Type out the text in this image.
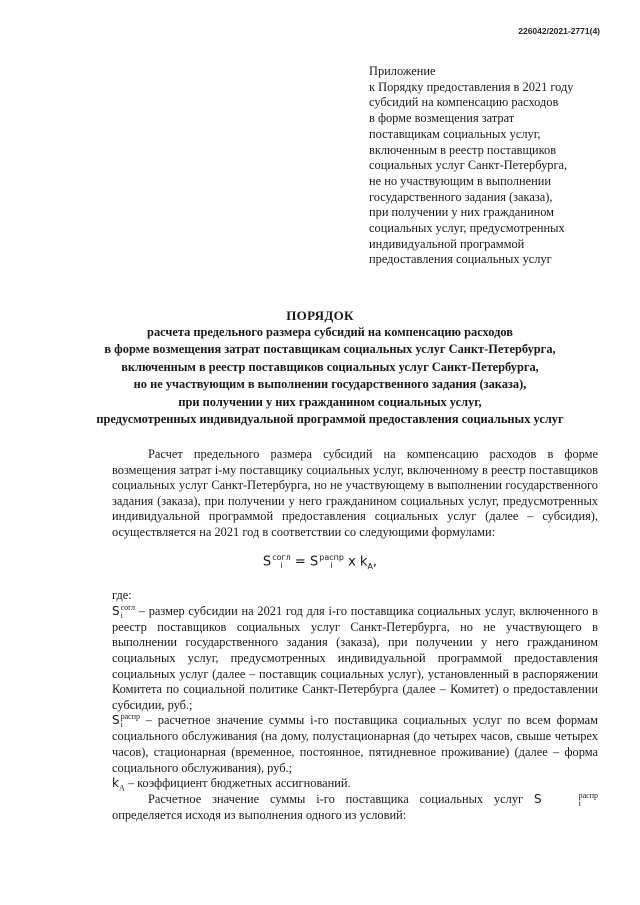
226042/2021-2771(4)
Приложение
к Порядку предоставления в 2021 году
субсидий на компенсацию расходов
в форме возмещения затрат
поставщикам социальных услуг,
включенным в реестр поставщиков
социальных услуг Санкт-Петербурга,
не но участвующим в выполнении
государственного задания (заказа),
при получении у них гражданином
социальных услуг, предусмотренных
индивидуальной программой
предоставления социальных услуг
ПОРЯДОК
расчета предельного размера субсидий на компенсацию расходов
в форме возмещения затрат поставщикам социальных услуг Санкт-Петербурга,
включенным в реестр поставщиков социальных услуг Санкт-Петербурга,
но не участвующим в выполнении государственного задания (заказа),
при получении у них гражданином социальных услуг,
предусмотренных индивидуальной программой предоставления социальных услуг

Расчет предельного размера субсидий на компенсацию расходов в форме возмещения затрат i-му поставщику социальных услуг, включенному в реестр поставщиков социальных услуг Санкт-Петербурга, но не участвующему в выполнении государственного задания (заказа), при получении у него гражданином социальных услуг, предусмотренных индивидуальной программой предоставления социальных услуг (далее – субсидия), осуществляется на 2021 год в соответствии со следующими формулами:

S согл
i = S распр
i	x $k_A$,

где:

S согл
i – размер субсидии на 2021 год для i-го поставщика социальных услуг, включенного в реестр поставщиков социальных услуг Санкт-Петербурга, но не участвующего в выполнении государственного задания (заказа), при получении у него гражданином социальных услуг, предусмотренных индивидуальной программой предоставления социальных услуг (далее – поставщик социальных услуг), установленный в распоряжении Комитета по социальной политике Санкт-Петербурга (далее – Комитет) о предоставлении субсидии, руб.;

S распр
i	– расчетное значение суммы i-го поставщика социальных услуг по всем формам социального обслуживания (на дому, полустационарная (до четырех часов, свыше четырех часов), стационарная (временное, постоянное, пятидневное проживание) (далее – форма социального обслуживания), руб.;

$k_A$ – коэффициент бюджетных ассигнований.

Расчетное значение суммы i-го поставщика социальных услуг S	распр
i
определяется исходя из выполнения одного из условий:
